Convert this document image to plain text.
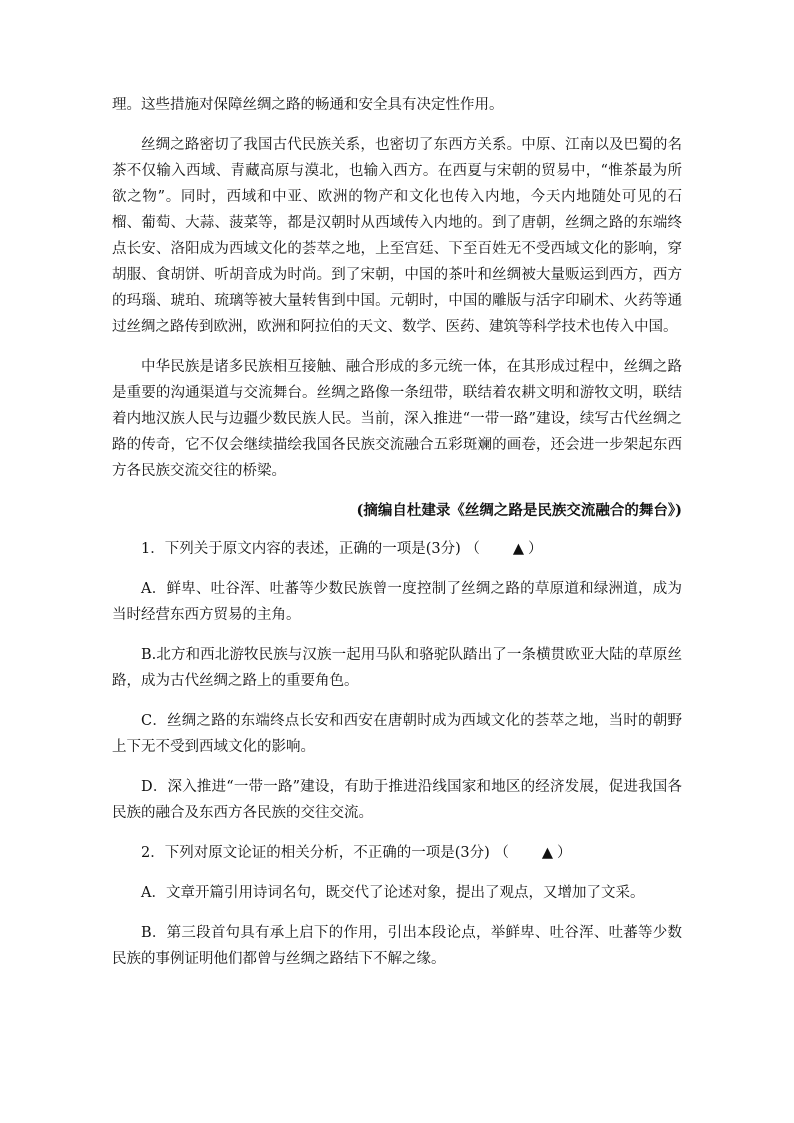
理。这些措施对保障丝绸之路的畅通和安全具有决定性作用。

丝绸之路密切了我国古代民族关系，也密切了东西方关系。中原、江南以及巴蜀的名茶不仅输入西域、青藏高原与漠北，也输入西方。在西夏与宋朝的贸易中，“惟茶最为所欲之物”。同时，西域和中亚、欧洲的物产和文化也传入内地，今天内地随处可见的石榴、葡萄、大蒜、菠菜等，都是汉朝时从西域传入内地的。到了唐朝，丝绸之路的东端终点长安、洛阳成为西域文化的荟萃之地，上至宫廷、下至百姓无不受西域文化的影响，穿胡服、食胡饼、听胡音成为时尚。到了宋朝，中国的茶叶和丝绸被大量贩运到西方，西方的玛瑙、琥珀、琉璃等被大量转售到中国。元朝时，中国的雕版与活字印刷术、火药等通过丝绸之路传到欧洲，欧洲和阿拉伯的天文、数学、医药、建筑等科学技术也传入中国。

中华民族是诸多民族相互接触、融合形成的多元统一体，在其形成过程中，丝绸之路是重要的沟通渠道与交流舞台。丝绸之路像一条纽带，联结着农耕文明和游牧文明，联结着内地汉族人民与边疆少数民族人民。当前，深入推进“一带一路”建设，续写古代丝绸之路的传奇，它不仅会继续描绘我国各民族交流融合五彩斑斓的画卷，还会进一步架起东西方各民族交流交往的桥梁。

(摘编自杜建录《丝绸之路是民族交流融合的舞台》)

1．下列关于原文内容的表述，正确的一项是(3分) （ ▲ ）

A．鲜卑、吐谷浑、吐蕃等少数民族曾一度控制了丝绸之路的草原道和绿洲道，成为当时经营东西方贸易的主角。

B.北方和西北游牧民族与汉族一起用马队和骆驼队踏出了一条横贯欧亚大陆的草原丝路，成为古代丝绸之路上的重要角色。

C．丝绸之路的东端终点长安和西安在唐朝时成为西域文化的荟萃之地，当时的朝野上下无不受到西域文化的影响。

D．深入推进“一带一路”建设，有助于推进沿线国家和地区的经济发展，促进我国各民族的融合及东西方各民族的交往交流。

2．下列对原文论证的相关分析，不正确的一项是(3分) （ ▲ ）

A．文章开篇引用诗词名句，既交代了论述对象，提出了观点，又增加了文采。

B．第三段首句具有承上启下的作用，引出本段论点，举鲜卑、吐谷浑、吐蕃等少数民族的事例证明他们都曾与丝绸之路结下不解之缘。
